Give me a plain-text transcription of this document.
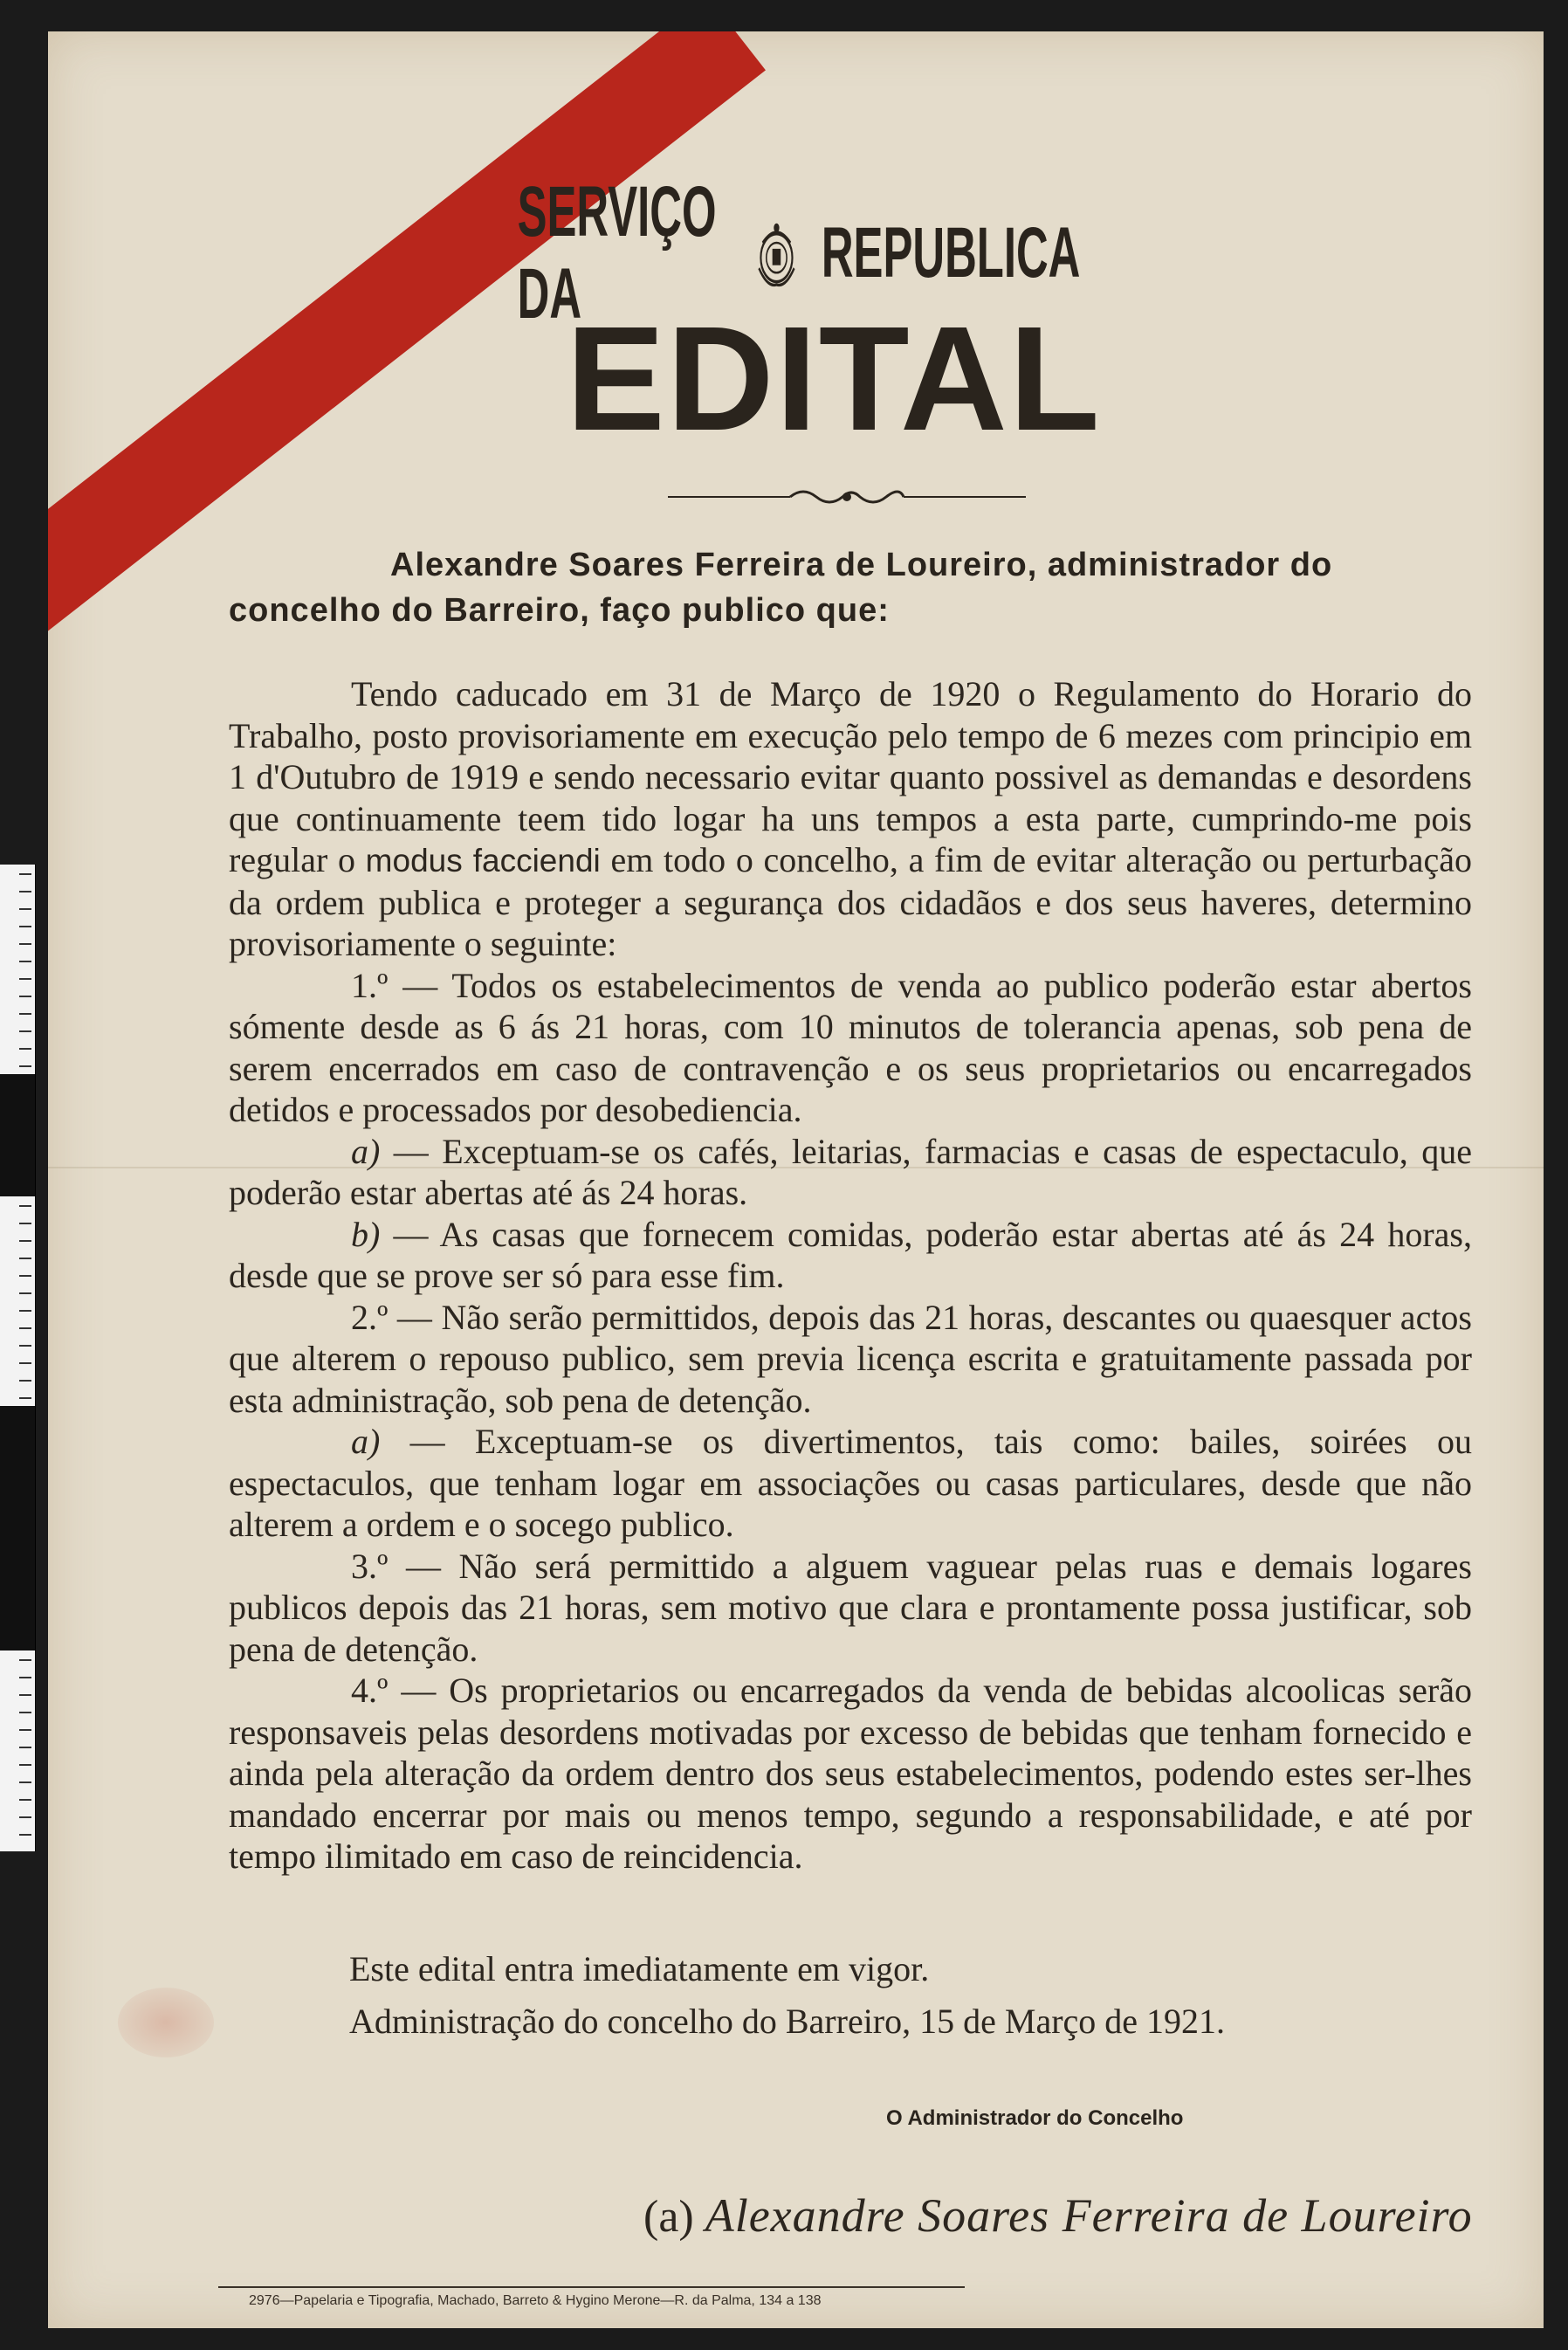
SERVIÇO DA
REPUBLICA
EDITAL
Alexandre Soares Ferreira de Loureiro, administrador do concelho do Barreiro, faço publico que:

Tendo caducado em 31 de Março de 1920 o Regulamento do Horario do Trabalho, posto provisoriamente em execução pelo tempo de 6 mezes com principio em 1 d'Outubro de 1919 e sendo necessario evitar quanto possivel as demandas e desordens que continuamente teem tido logar ha uns tempos a esta parte, cumprindo-me pois regular o modus facciendi em todo o concelho, a fim de evitar alteração ou perturbação da ordem publica e proteger a segurança dos cidadãos e dos seus haveres, determino provisoriamente o seguinte:

1.º — Todos os estabelecimentos de venda ao publico poderão estar abertos sómente desde as 6 ás 21 horas, com 10 minutos de tolerancia apenas, sob pena de serem encerrados em caso de contravenção e os seus proprietarios ou encarregados detidos e processados por desobediencia.

a) — Exceptuam-se os cafés, leitarias, farmacias e casas de espectaculo, que poderão estar abertas até ás 24 horas.

b) — As casas que fornecem comidas, poderão estar abertas até ás 24 horas, desde que se prove ser só para esse fim.

2.º — Não serão permittidos, depois das 21 horas, descantes ou quaesquer actos que alterem o repouso publico, sem previa licença escrita e gratuitamente passada por esta administração, sob pena de detenção.

a) — Exceptuam-se os divertimentos, tais como: bailes, soirées ou espectaculos, que tenham logar em associações ou casas particulares, desde que não alterem a ordem e o socego publico.

3.º — Não será permittido a alguem vaguear pelas ruas e demais logares publicos depois das 21 horas, sem motivo que clara e prontamente possa justificar, sob pena de detenção.

4.º — Os proprietarios ou encarregados da venda de bebidas alcoolicas serão responsaveis pelas desordens motivadas por excesso de bebidas que tenham fornecido e ainda pela alteração da ordem dentro dos seus estabelecimentos, podendo estes ser-lhes mandado encerrar por mais ou menos tempo, segundo a responsabilidade, e até por tempo ilimitado em caso de reincidencia.

Este edital entra imediatamente em vigor.
Administração do concelho do Barreiro, 15 de Março de 1921.
O Administrador do Concelho
(a) Alexandre Soares Ferreira de Loureiro
2976—Papelaria e Tipografia, Machado, Barreto & Hygino Merone—R. da Palma, 134 a 138
